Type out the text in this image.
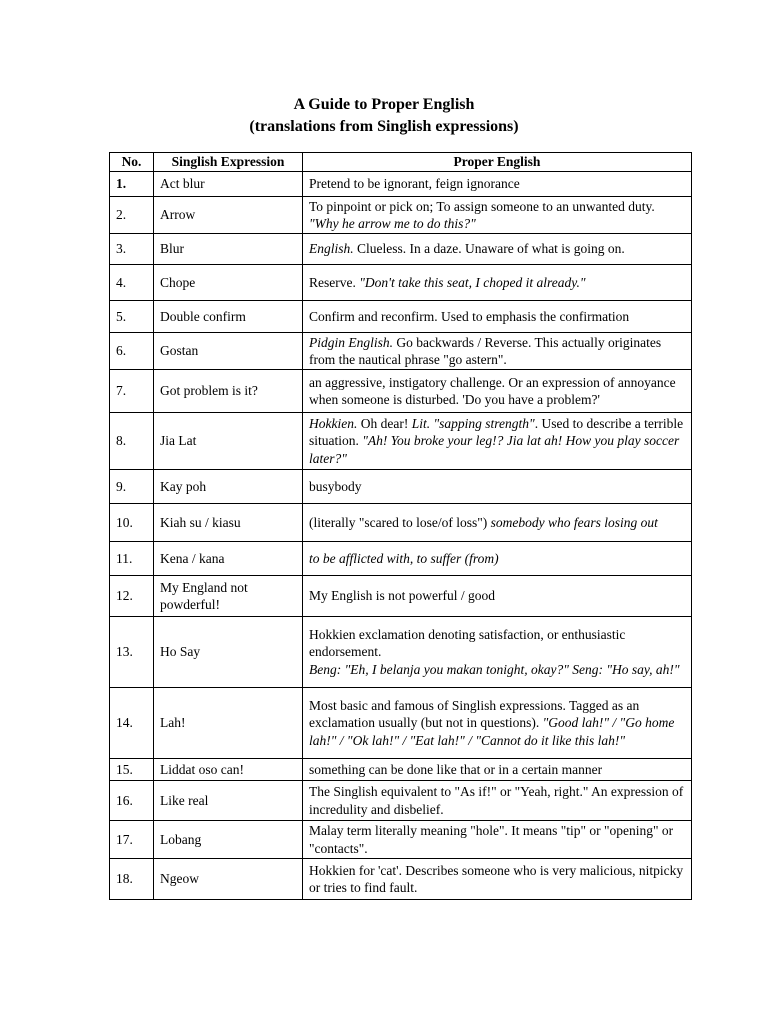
A Guide to Proper English
(translations from Singlish expressions)
No.	Singlish Expression	Proper English
1.	Act blur	Pretend to be ignorant, feign ignorance
2.	Arrow	To pinpoint or pick on; To assign someone to an unwanted duty. "Why he arrow me to do this?"
3.	Blur	English. Clueless. In a daze. Unaware of what is going on.
4.	Chope	Reserve. "Don't take this seat, I choped it already."
5.	Double confirm	Confirm and reconfirm. Used to emphasis the confirmation
6.	Gostan	Pidgin English. Go backwards / Reverse. This actually originates from the nautical phrase "go astern".
7.	Got problem is it?	an aggressive, instigatory challenge. Or an expression of annoyance when someone is disturbed. 'Do you have a problem?'
8.	Jia Lat	Hokkien. Oh dear! Lit. "sapping strength". Used to describe a terrible situation. "Ah! You broke your leg!? Jia lat ah! How you play soccer later?"
9.	Kay poh	busybody
10.	Kiah su / kiasu	(literally "scared to lose/of loss") somebody who fears losing out
11.	Kena / kana	to be afflicted with, to suffer (from)
12.	My England not powderful!	My English is not powerful / good
13.	Ho Say	Hokkien exclamation denoting satisfaction, or enthusiastic endorsement.
Beng: "Eh, I belanja you makan tonight, okay?" Seng: "Ho say, ah!"
14.	Lah!	Most basic and famous of Singlish expressions. Tagged as an exclamation usually (but not in questions). "Good lah!" / "Go home lah!" / "Ok lah!" / "Eat lah!" / "Cannot do it like this lah!"
15.	Liddat oso can!	something can be done like that or in a certain manner
16.	Like real	The Singlish equivalent to "As if!" or "Yeah, right." An expression of incredulity and disbelief.
17.	Lobang	Malay term literally meaning "hole". It means "tip" or "opening" or "contacts".
18.	Ngeow	Hokkien for 'cat'. Describes someone who is very malicious, nitpicky or tries to find fault.
